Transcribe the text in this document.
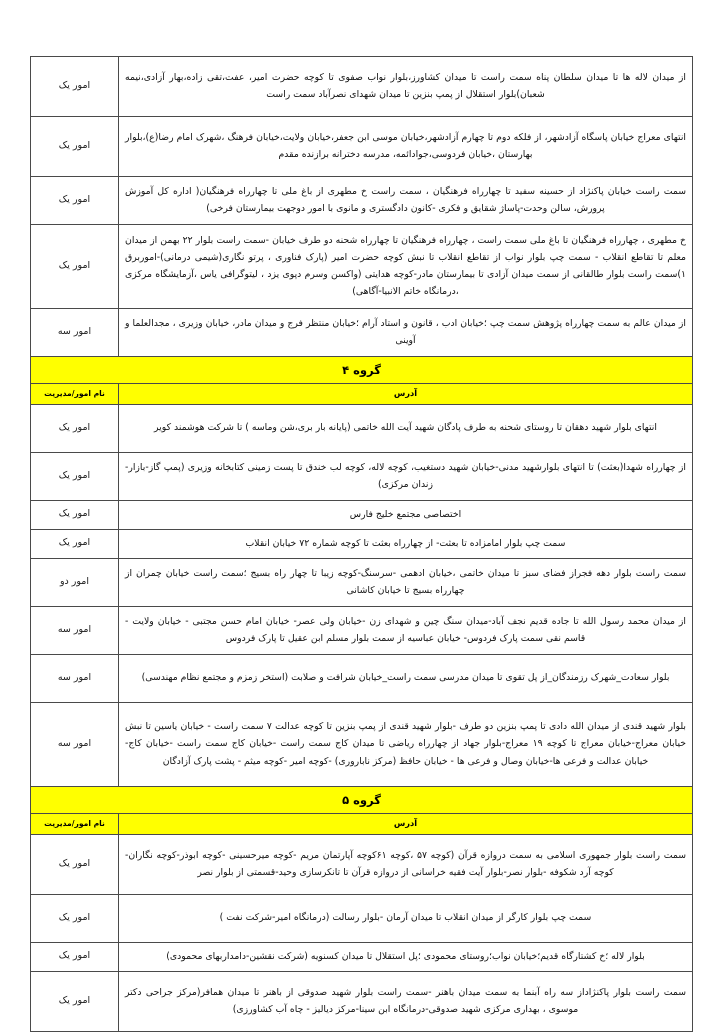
از میدان لاله ها تا میدان سلطان پناه سمت راست تا میدان کشاورز،بلوار نواب صفوی تا کوچه حضرت امیر، عفت،تقی زاده،بهار آزادی،نیمه شعبان)بلوار استقلال از پمپ بنزین تا میدان شهدای نصرآباد سمت راست	امور یک
انتهای معراج خیابان پاسگاه آزادشهر، از فلکه دوم تا چهارم آزادشهر،خیابان موسی ابن جعفر،خیابان ولایت،خیابان فرهنگ ،شهرک امام رضا(ع)،بلوار بهارستان ،خیابان فردوسی،جوادائمه، مدرسه دخترانه برازنده مقدم	امور یک
سمت راست خیابان پاکنژاد از حسینه سفید تا چهارراه فرهنگیان ، سمت راست خ مطهری از باغ ملی تا چهارراه فرهنگیان( اداره کل آموزش پرورش، سالن وحدت-پاساژ شقایق و فکری -کانون دادگستری و مانوی با امور دوجهت بیمارستان فرخی)	امور یک
خ مطهری ، چهارراه فرهنگیان تا باغ ملی سمت راست ، چهارراه فرهنگیان تا چهارراه شحنه دو طرف خیابان -سمت راست بلوار ۲۲ بهمن از میدان معلم تا تقاطع انقلاب - سمت چپ بلوار نواب از تقاطع انقلاب تا نبش کوچه حضرت امیر (پارک فناوری ، پرتو نگاری(شیمی درمانی)-اموربرق ۱)سمت راست بلوار طالقانی از سمت میدان آزادی تا بیمارستان مادر-کوچه هدایتی (واکسن وسرم دپوی یزد ، لیتوگرافی یاس ،آزمایشگاه مرکزی ،درمانگاه خاتم الانبیا-آگاهی)	امور یک
از میدان عالم به سمت چهارراه پژوهش سمت چپ ؛خیابان ادب ، قانون و استاد آرام ؛خیابان منتظر فرج و میدان مادر، خیابان وزیری ، مجدالعلما و آوینی	امور سه
گروه ۴	
آدرس	نام امور/مدیریت
انتهای بلوار شهید دهقان تا روستای شحنه به طرف پادگان شهید آیت الله خاتمی (پایانه بار بری،شن وماسه ) تا شرکت هوشمند کویر	امور یک
از چهارراه شهدا(بعثت) تا انتهای بلوارشهید مدنی-خیابان شهید دستغیب، کوچه لاله، کوچه لب خندق تا پست زمینی کتابخانه وزیری (پمپ گاز-بازار-زندان مرکزی)	امور یک
اختصاصی مجتمع خلیج فارس	امور یک
سمت چپ بلوار امامزاده تا بعثت- از چهارراه بعثت تا کوچه شماره ۷۲ خیابان انقلاب	امور یک
سمت راست بلوار دهه فجراز فضای سبز تا میدان خاتمی ،خیابان ادهمی -سرسنگ-کوچه زیبا تا چهار راه بسیج ؛سمت راست خیابان چمران از چهارراه بسیج تا خیابان کاشانی	امور دو
از میدان محمد رسول الله تا جاده قدیم نجف آباد-میدان سنگ چین و شهدای زن -خیابان ولی عصر- خیابان امام حسن مجتبی - خیابان ولایت - قاسم نقی سمت پارک فردوس- خیابان عباسیه از سمت بلوار مسلم ابن عقیل تا پارک فردوس	امور سه
بلوار سعادت_شهرک رزمندگان_از پل تقوی تا میدان مدرسی سمت راست_خیابان شرافت و صلابت (استخر زمزم و مجتمع نظام مهندسی)	امور سه
بلوار شهید قندی از میدان الله دادی تا پمپ بنزین دو طرف -بلوار شهید قندی از پمپ بنزین تا کوچه عدالت ۷ سمت راست - خیابان یاسین تا نبش خیابان معراج-خیابان معراج تا کوچه ۱۹ معراج-بلوار جهاد از چهارراه ریاضی تا میدان کاج سمت راست -خیابان کاج سمت راست -خیابان کاج- خیابان عدالت و فرعی ها-خیابان وصال و فرعی ها - خیابان حافظ (مرکز ناباروری) -کوچه امیر -کوچه میثم - پشت پارک آزادگان	امور سه
گروه ۵	
آدرس	نام امور/مدیریت
سمت راست بلوار جمهوری اسلامی به سمت دروازه قرآن (کوچه ۵۷ ،کوچه ۶۱کوچه آپارتمان مریم -کوچه میرحسینی -کوچه ابوذر-کوچه نگاران-کوچه آرد شکوفه -بلوار نصر-بلوار آیت فقیه خراسانی از دروازه قرآن تا تانکرسازی وحید-قسمتی از بلوار نصر	امور یک
سمت چپ بلوار کارگر از میدان انقلاب تا میدان آرمان -بلوار رسالت (درمانگاه امیر-شرکت نفت )	امور یک
بلوار لاله ؛خ کشتارگاه قدیم؛خیابان نواب؛روستای محمودی ؛پل استقلال تا میدان کسنویه (شرکت نقشین-دامداربهای محمودی)	امور یک
سمت راست بلوار پاکنژاداز سه راه آبنما به سمت میدان باهنر -سمت راست بلوار شهید صدوقی از باهنر تا میدان همافر(مرکز جراحی دکتر موسوی ، بهداری مرکزی شهید صدوقی-درمانگاه ابن سینا-مرکز دیالیز - چاه آب کشاورزی)	امور یک
